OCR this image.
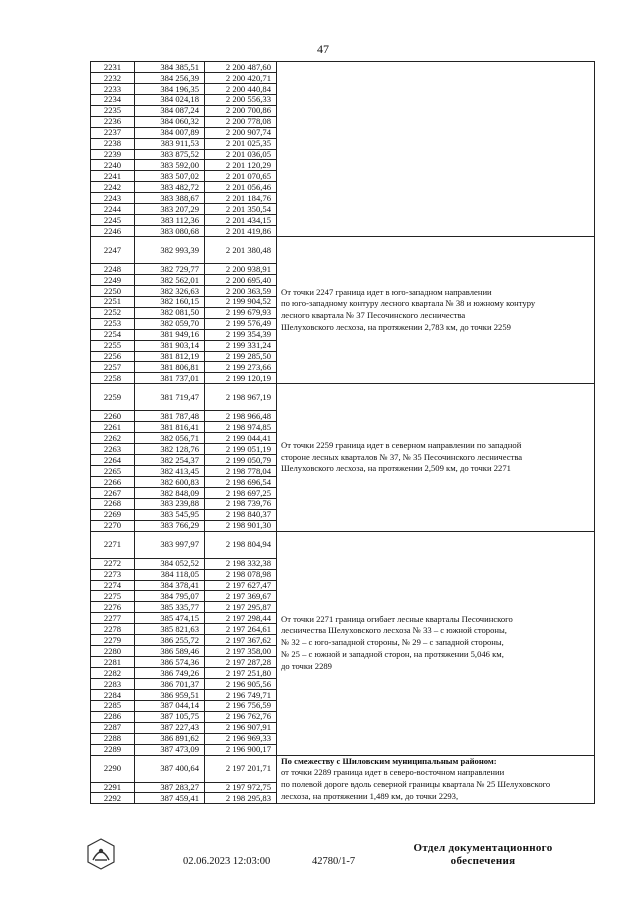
47
2231	384 385,51	2 200 487,60	
2232	384 256,39	2 200 420,71	
2233	384 196,35	2 200 440,84	
2234	384 024,18	2 200 556,33	
2235	384 087,24	2 200 700,86	
2236	384 060,32	2 200 778,08	
2237	384 007,89	2 200 907,74	
2238	383 911,53	2 201 025,35	
2239	383 875,52	2 201 036,05	
2240	383 592,00	2 201 120,29	
2241	383 507,02	2 201 070,65	
2242	383 482,72	2 201 056,46	
2243	383 388,67	2 201 184,76	
2244	383 207,29	2 201 350,54	
2245	383 112,36	2 201 434,15	
2246	383 080,68	2 201 419,86	
2247	382 993,39	2 201 380,48	От точки 2247 граница идет в юго-западном направлении
по юго-западному контуру лесного квартала № 38 и южному контуру
лесного квартала № 37 Песочинского лесничества
Шелуховского лесхоза, на протяжении 2,783 км, до точки 2259

2248	382 729,77	2 200 938,91	
2249	382 562,01	2 200 695,40	
2250	382 326,63	2 200 363,59	
2251	382 160,15	2 199 904,52	
2252	382 081,50	2 199 679,93	
2253	382 059,70	2 199 576,49	
2254	381 949,16	2 199 354,39	
2255	381 903,14	2 199 331,24	
2256	381 812,19	2 199 285,50	
2257	381 806,81	2 199 273,66	
2258	381 737,01	2 199 120,19	
2259	381 719,47	2 198 967,19	От точки 2259 граница идет в северном направлении по западной
стороне лесных кварталов № 37, № 35 Песочинского лесничества
Шелуховского лесхоза, на протяжении 2,509 км, до точки 2271

2260	381 787,48	2 198 966,48	
2261	381 816,41	2 198 974,85	
2262	382 056,71	2 199 044,41	
2263	382 128,76	2 199 051,19	
2264	382 254,37	2 199 050,79	
2265	382 413,45	2 198 778,04	
2266	382 600,83	2 198 696,54	
2267	382 848,09	2 198 697,25	
2268	383 239,88	2 198 739,76	
2269	383 545,95	2 198 840,37	
2270	383 766,29	2 198 901,30	
2271	383 997,97	2 198 804,94	От точки 2271 граница огибает лесные кварталы Песочинского
лесничества Шелуховского лесхоза № 33 – с южной стороны,
№ 32 – с юго-западной стороны, № 29 – с западной стороны,
№ 25 – с южной и западной сторон, на протяжении 5,046 км,
до точки 2289

2272	384 052,52	2 198 332,38	
2273	384 118,05	2 198 078,98	
2274	384 378,41	2 197 627,47	
2275	384 795,07	2 197 369,67	
2276	385 335,77	2 197 295,87	
2277	385 474,15	2 197 298,44	
2278	385 821,63	2 197 264,61	
2279	386 255,72	2 197 367,62	
2280	386 589,46	2 197 358,00	
2281	386 574,36	2 197 287,28	
2282	386 749,26	2 197 251,80	
2283	386 701,37	2 196 905,56	
2284	386 959,51	2 196 749,71	
2285	387 044,14	2 196 756,59	
2286	387 105,75	2 196 762,76	
2287	387 227,43	2 196 907,91	
2288	386 891,62	2 196 969,33	
2289	387 473,09	2 196 900,17	
2290	387 400,64	2 197 201,71	По смежеству с Шиловским муниципальным районом:
от точки 2289 граница идет в северо-восточном направлении
по полевой дороге вдоль северной границы квартала № 25 Шелуховского
лесхоза, на протяжении 1,489 км, до точки 2293,

2291	387 283,27	2 197 972,75	
2292	387 459,41	2 198 295,83	
02.06.2023 12:03:00	42780/1-7
Отдел документационного
обеспечения
